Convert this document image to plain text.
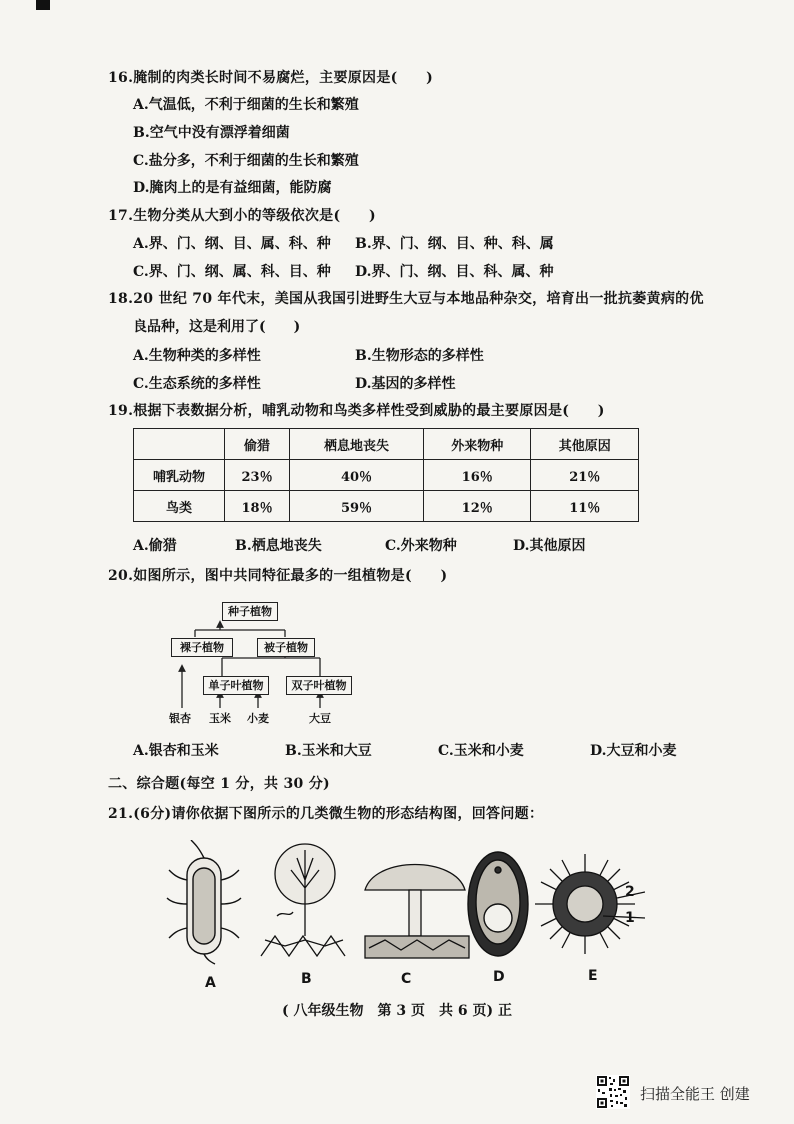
16.腌制的肉类长时间不易腐烂，主要原因是(　　)
A.气温低，不利于细菌的生长和繁殖
B.空气中没有漂浮着细菌
C.盐分多，不利于细菌的生长和繁殖
D.腌肉上的是有益细菌，能防腐
17.生物分类从大到小的等级依次是(　　)
A.界、门、纲、目、属、科、种 B.界、门、纲、目、种、科、属
C.界、门、纲、属、科、目、种 D.界、门、纲、目、科、属、种
18.20 世纪 70 年代末，美国从我国引进野生大豆与本地品种杂交，培育出一批抗萎黄病的优
良品种，这是利用了(　　)
A.生物种类的多样性	B.生物形态的多样性
C.生态系统的多样性	D.基因的多样性
19.根据下表数据分析，哺乳动物和鸟类多样性受到威胁的最主要原因是(　　)
	偷猎	栖息地丧失	外来物种	其他原因
哺乳动物	23％	40％	16％	21％
鸟类	18％	59％	12％	11％
A.偷猎	B.栖息地丧失	C.外来物种	D.其他原因
20.如图所示，图中共同特征最多的一组植物是(　　)
种子植物
裸子植物	被子植物
单子叶植物	双子叶植物
银杏 玉米 小麦	大豆
A.银杏和玉米	B.玉米和大豆	C.玉米和小麦	D.大豆和小麦
二、综合题(每空 1 分，共 30 分)
21.(6分)请你依据下图所示的几类微生物的形态结构图，回答问题：
2
1
A	B	C	D	E
( 八年级生物　第 3 页　共 6 页) 正
扫描全能王 创建
